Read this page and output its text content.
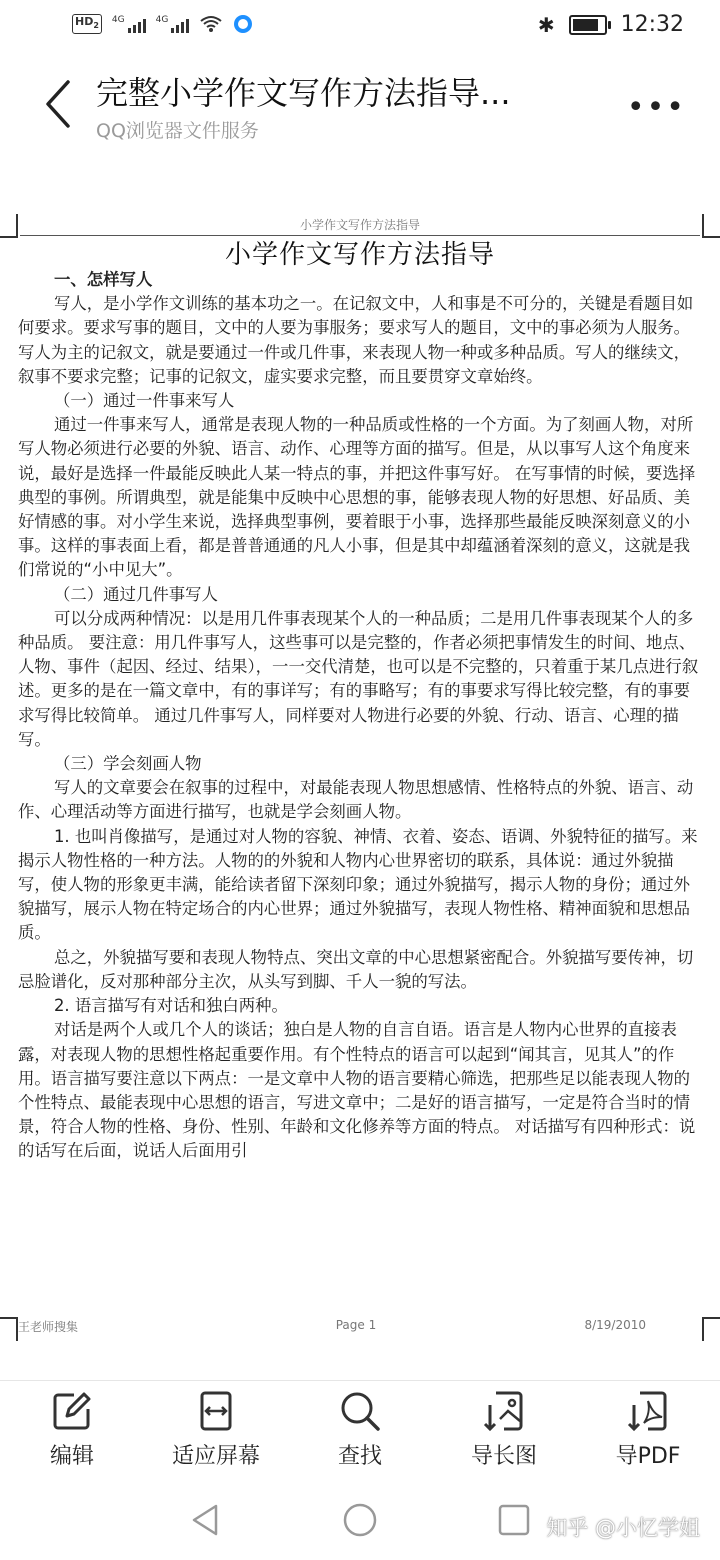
$HD_2$
4G	4G	✱	12:32
完整小学作文写作方法指导...
QQ浏览器文件服务
•••
小学作文写作方法指导
小学作文写作方法指导

一、怎样写人

写人，是小学作文训练的基本功之一。在记叙文中，人和事是不可分的，关键是看题目如何要求。要求写事的题目，文中的人要为事服务；要求写人的题目，文中的事必须为人服务。写人为主的记叙文，就是要通过一件或几件事，来表现人物一种或多种品质。写人的继续文，叙事不要求完整；记事的记叙文，虚实要求完整，而且要贯穿文章始终。

（一）通过一件事来写人

通过一件事来写人，通常是表现人物的一种品质或性格的一个方面。为了刻画人物，对所写人物必须进行必要的外貌、语言、动作、心理等方面的描写。但是，从以事写人这个角度来说，最好是选择一件最能反映此人某一特点的事，并把这件事写好。 在写事情的时候，要选择典型的事例。所谓典型，就是能集中反映中心思想的事，能够表现人物的好思想、好品质、美好情感的事。对小学生来说，选择典型事例，要着眼于小事，选择那些最能反映深刻意义的小事。这样的事表面上看，都是普普通通的凡人小事，但是其中却蕴涵着深刻的意义，这就是我们常说的“小中见大”。

（二）通过几件事写人

可以分成两种情况：以是用几件事表现某个人的一种品质；二是用几件事表现某个人的多种品质。 要注意：用几件事写人，这些事可以是完整的，作者必须把事情发生的时间、地点、人物、事件（起因、经过、结果），一一交代清楚，也可以是不完整的，只着重于某几点进行叙述。更多的是在一篇文章中，有的事详写；有的事略写；有的事要求写得比较完整，有的事要求写得比较简单。 通过几件事写人，同样要对人物进行必要的外貌、行动、语言、心理的描写。

（三）学会刻画人物

写人的文章要会在叙事的过程中，对最能表现人物思想感情、性格特点的外貌、语言、动作、心理活动等方面进行描写，也就是学会刻画人物。

1. 也叫肖像描写，是通过对人物的容貌、神情、衣着、姿态、语调、外貌特征的描写。来揭示人物性格的一种方法。人物的的外貌和人物内心世界密切的联系，具体说：通过外貌描写，使人物的形象更丰满，能给读者留下深刻印象；通过外貌描写，揭示人物的身份；通过外貌描写，展示人物在特定场合的内心世界；通过外貌描写，表现人物性格、精神面貌和思想品质。

总之，外貌描写要和表现人物特点、突出文章的中心思想紧密配合。外貌描写要传神，切忌脸谱化，反对那种部分主次，从头写到脚、千人一貌的写法。

2. 语言描写有对话和独白两种。

对话是两个人或几个人的谈话；独白是人物的自言自语。语言是人物内心世界的直接表露，对表现人物的思想性格起重要作用。有个性特点的语言可以起到“闻其言，见其人”的作用。语言描写要注意以下两点：一是文章中人物的语言要精心筛选，把那些足以能表现人物的个性特点、最能表现中心思想的语言，写进文章中；二是好的语言描写，一定是符合当时的情景，符合人物的性格、身份、性别、年龄和文化修养等方面的特点。 对话描写有四种形式：说的话写在后面，说话人后面用引

王老师搜集	Page 1	8/19/2010
编辑	适应屏幕	查找	导长图	导PDF
知乎 @小忆学姐
